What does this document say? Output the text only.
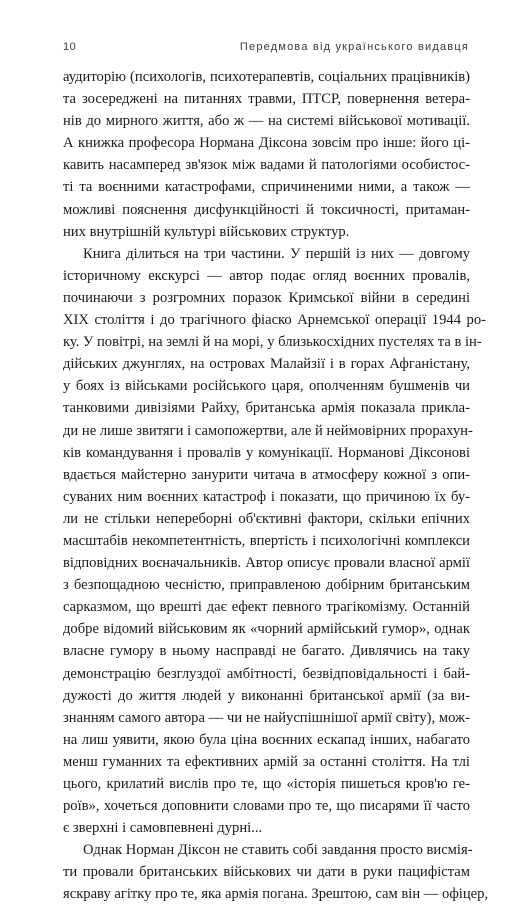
10	Передмова від українського видавця
аудиторію (психологів, психотерапевтів, соціальних працівників)
та зосереджені на питаннях травми, ПТСР, повернення ветера-
нів до мирного життя, або ж — на системі військової мотивації.
А книжка професора Нормана Діксона зовсім про інше: його ці-
кавить насамперед зв'язок між вадами й патологіями особистос-
ті та воєнними катастрофами, спричиненими ними, а також —
можливі пояснення дисфункційності й токсичності, притаман-
них внутрішній культурі військових структур.
Книга ділиться на три частини. У першій із них — довгому
історичному екскурсі — автор подає огляд воєнних провалів,
починаючи з розгромних поразок Кримської війни в середині
XIX століття і до трагічного фіаско Арнемської операції 1944 ро-
ку. У повітрі, на землі й на морі, у близькосхідних пустелях та в ін-
дійських джунглях, на островах Малайзії і в горах Афганістану,
у боях із військами російського царя, ополченням бушменів чи
танковими дивізіями Райху, британська армія показала прикла-
ди не лише звитяги і самопожертви, але й неймовірних прорахун-
ків командування і провалів у комунікації. Нормановi Діксонові
вдається майстерно занурити читача в атмосферу кожної з опи-
суваних ним воєнних катастроф і показати, що причиною їх бу-
ли не стільки непереборні об'єктивні фактори, скільки епічних
масштабів некомпетентність, впертість і психологічні комплекси
відповідних воєначальників. Автор описує провали власної армії
з безпощадною чесністю, приправленою добірним британським
сарказмом, що врешті дає ефект певного трагікомізму. Останній
добре відомий військовим як «чорний армійський гумор», однак
власне гумору в ньому насправді не багато. Дивлячись на таку
демонстрацію безглуздої амбітності, безвідповідальності і бай-
дужості до життя людей у виконанні британської армії (за ви-
знанням самого автора — чи не найуспішнішої армії світу), мож-
на лиш уявити, якою була ціна воєнних ескапад інших, набагато
менш гуманних та ефективних армій за останні століття. На тлі
цього, крилатий вислів про те, що «історія пишеться кров'ю ге-
роїв», хочеться доповнити словами про те, що писарями її часто
є зверхні і самовпевнені дурні...
Однак Норман Діксон не ставить собі завдання просто висмія-
ти провали британських військових чи дати в руки пацифістам
яскраву агітку про те, яка армія погана. Зрештою, сам він — офіцер,
